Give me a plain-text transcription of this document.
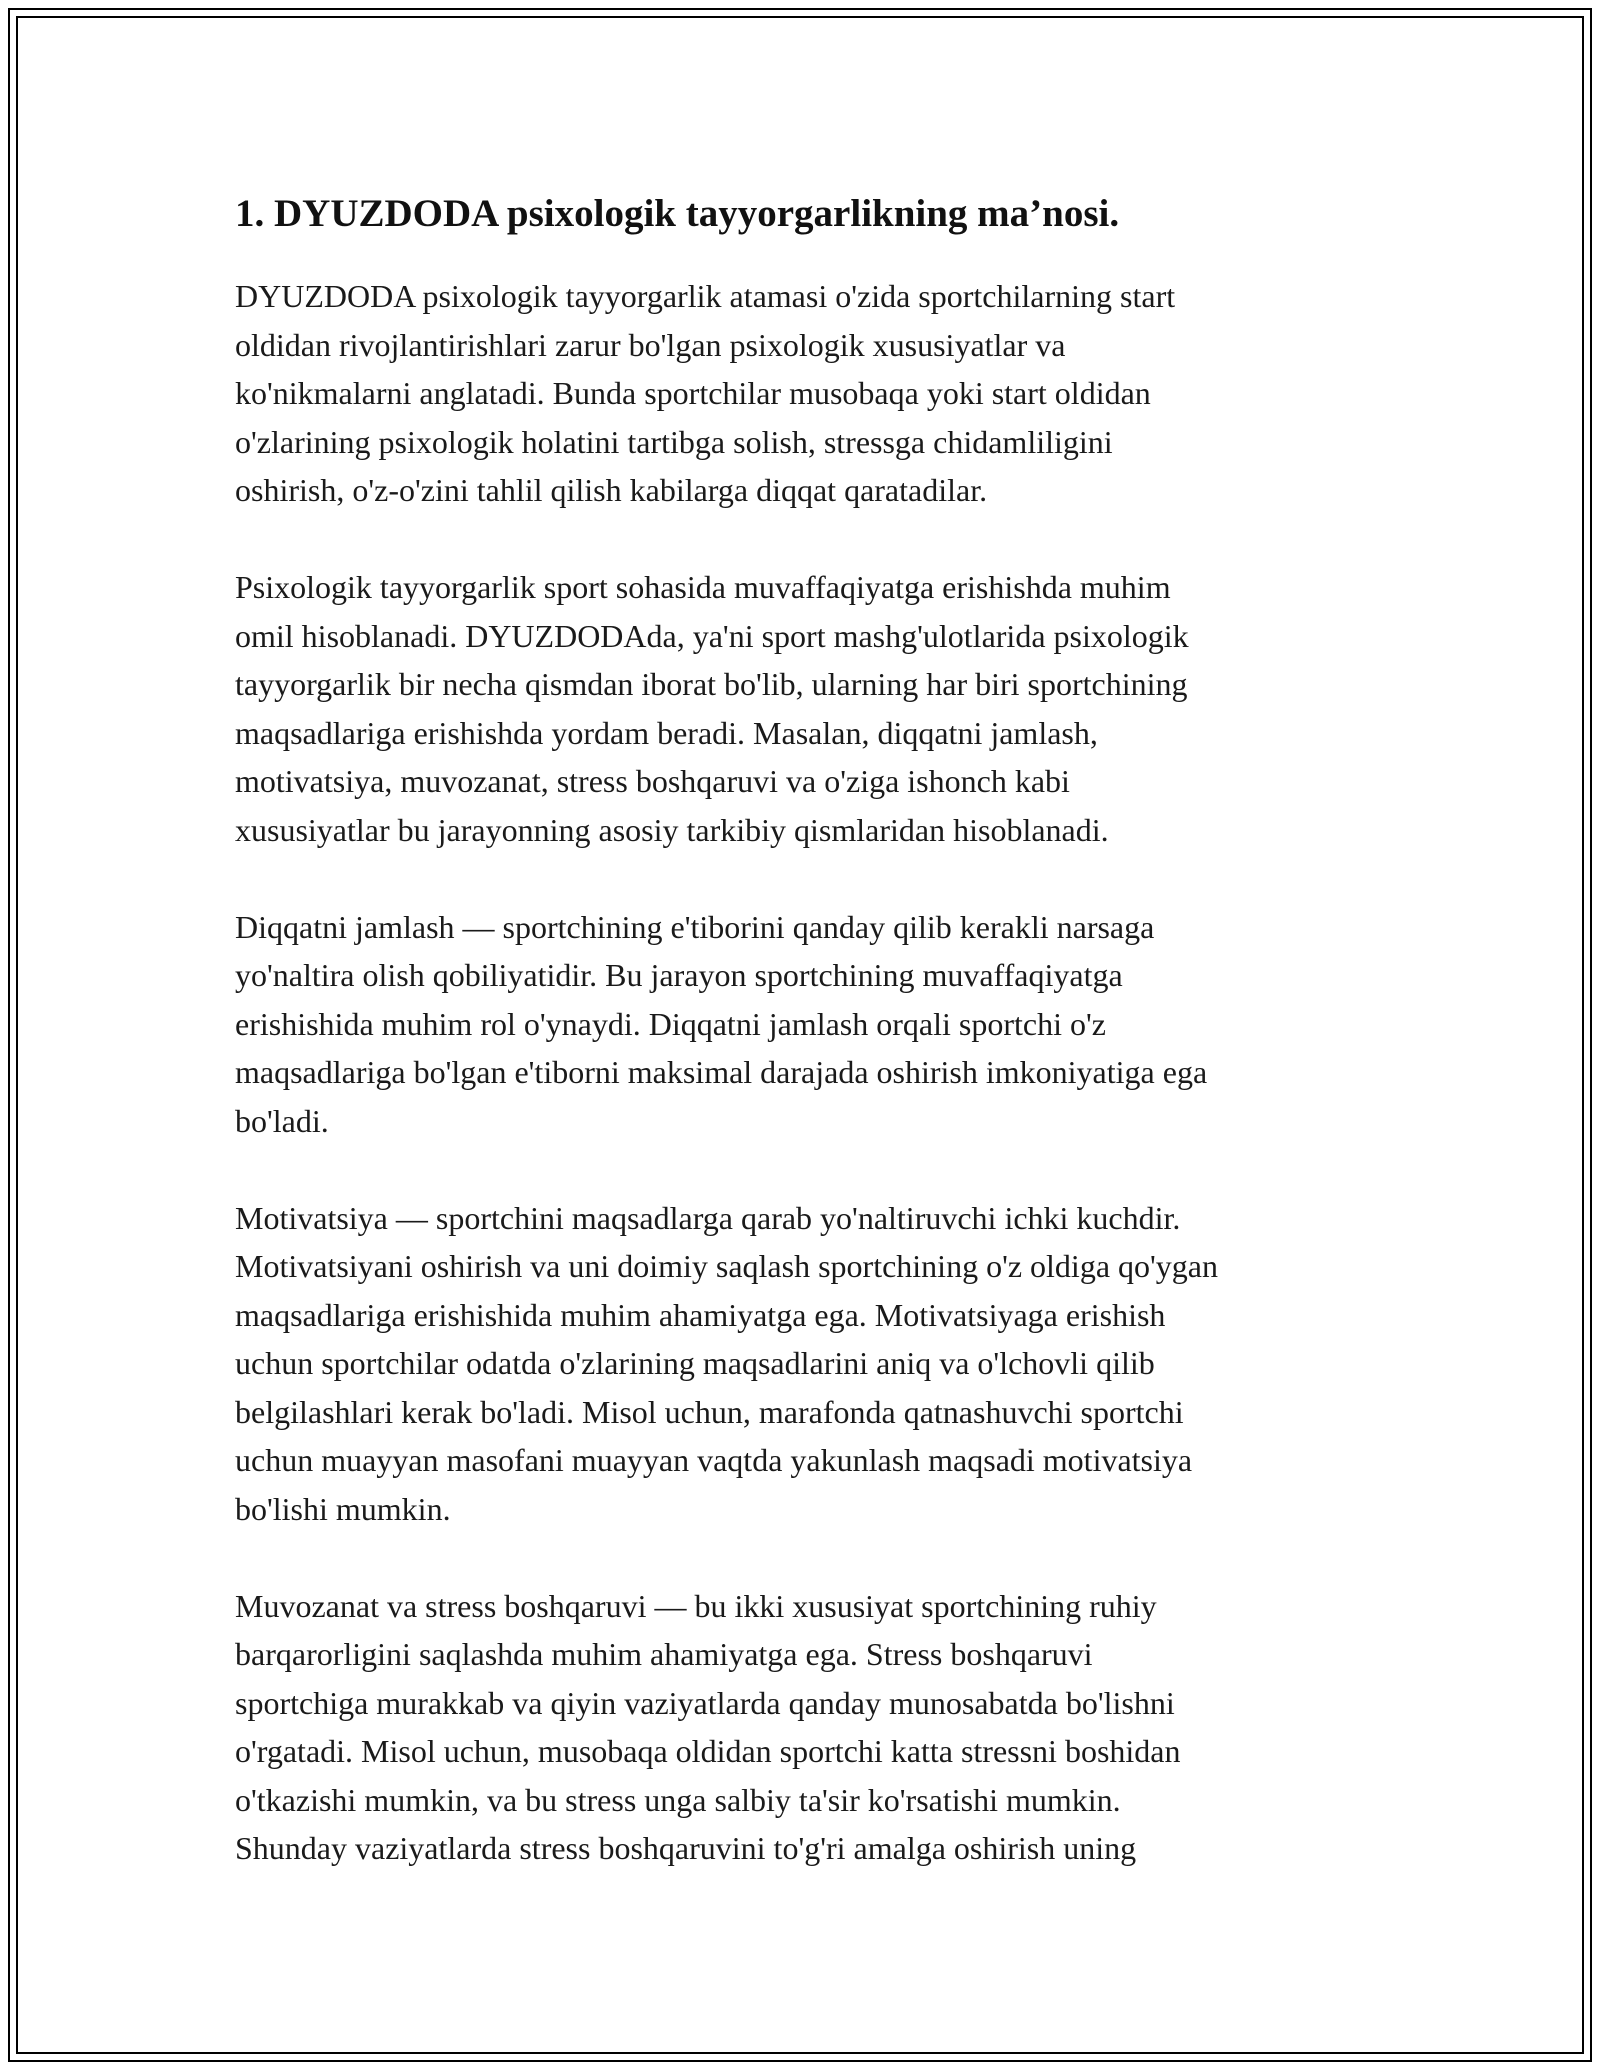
1. DYUZDODA psixologik tayyorgarlikning ma’nosi.
DYUZDODA psixologik tayyorgarlik atamasi o'zida sportchilarning start
oldidan rivojlantirishlari zarur bo'lgan psixologik xususiyatlar va
ko'nikmalarni anglatadi. Bunda sportchilar musobaqa yoki start oldidan
o'zlarining psixologik holatini tartibga solish, stressga chidamliligini
oshirish, o'z-o'zini tahlil qilish kabilarga diqqat qaratadilar.
Psixologik tayyorgarlik sport sohasida muvaffaqiyatga erishishda muhim
omil hisoblanadi. DYUZDODAda, ya'ni sport mashg'ulotlarida psixologik
tayyorgarlik bir necha qismdan iborat bo'lib, ularning har biri sportchining
maqsadlariga erishishda yordam beradi. Masalan, diqqatni jamlash,
motivatsiya, muvozanat, stress boshqaruvi va o'ziga ishonch kabi
xususiyatlar bu jarayonning asosiy tarkibiy qismlaridan hisoblanadi.
Diqqatni jamlash — sportchining e'tiborini qanday qilib kerakli narsaga
yo'naltira olish qobiliyatidir. Bu jarayon sportchining muvaffaqiyatga
erishishida muhim rol o'ynaydi. Diqqatni jamlash orqali sportchi o'z
maqsadlariga bo'lgan e'tiborni maksimal darajada oshirish imkoniyatiga ega
bo'ladi.
Motivatsiya — sportchini maqsadlarga qarab yo'naltiruvchi ichki kuchdir.
Motivatsiyani oshirish va uni doimiy saqlash sportchining o'z oldiga qo'ygan
maqsadlariga erishishida muhim ahamiyatga ega. Motivatsiyaga erishish
uchun sportchilar odatda o'zlarining maqsadlarini aniq va o'lchovli qilib
belgilashlari kerak bo'ladi. Misol uchun, marafonda qatnashuvchi sportchi
uchun muayyan masofani muayyan vaqtda yakunlash maqsadi motivatsiya
bo'lishi mumkin.
Muvozanat va stress boshqaruvi — bu ikki xususiyat sportchining ruhiy
barqarorligini saqlashda muhim ahamiyatga ega. Stress boshqaruvi
sportchiga murakkab va qiyin vaziyatlarda qanday munosabatda bo'lishni
o'rgatadi. Misol uchun, musobaqa oldidan sportchi katta stressni boshidan
o'tkazishi mumkin, va bu stress unga salbiy ta'sir ko'rsatishi mumkin.
Shunday vaziyatlarda stress boshqaruvini to'g'ri amalga oshirish uning
